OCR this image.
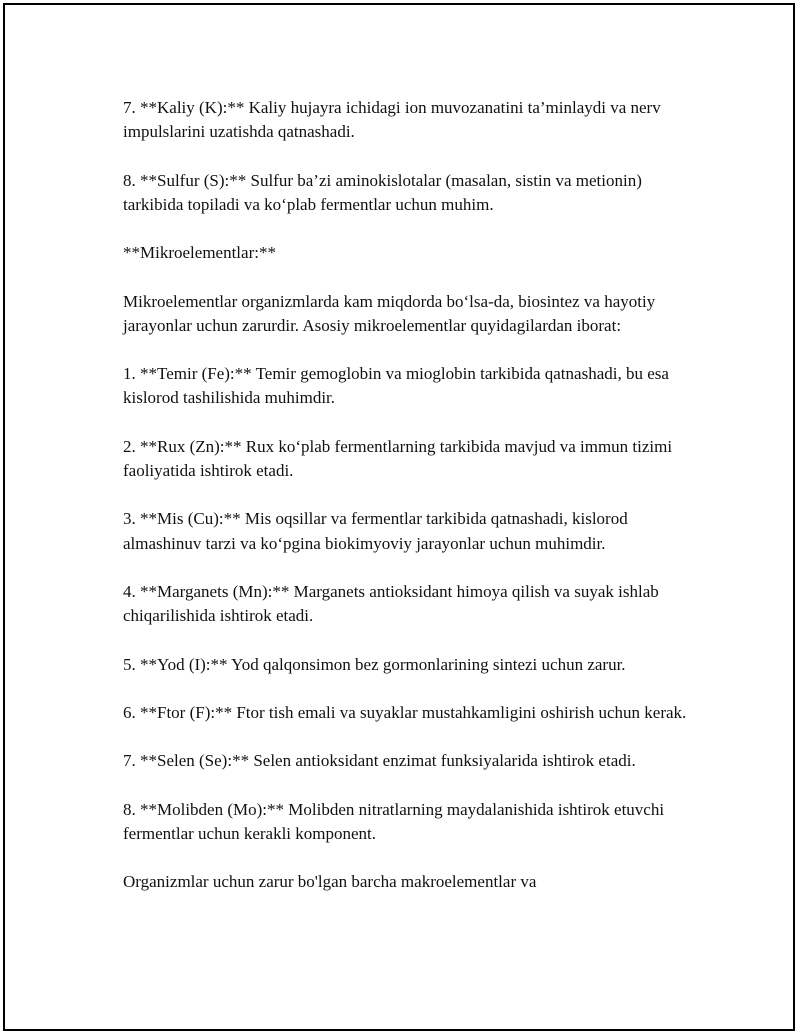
7. **Kaliy (K):** Kaliy hujayra ichidagi ion muvozanatini ta’minlaydi va nerv impulslarini uzatishda qatnashadi.

8. **Sulfur (S):** Sulfur ba’zi aminokislotalar (masalan, sistin va metionin) tarkibida topiladi va ko‘plab fermentlar uchun muhim.

**Mikroelementlar:**

Mikroelementlar organizmlarda kam miqdorda bo‘lsa-da, biosintez va hayotiy jarayonlar uchun zarurdir. Asosiy mikroelementlar quyidagilardan iborat:

1. **Temir (Fe):** Temir gemoglobin va mioglobin tarkibida qatnashadi, bu esa kislorod tashilishida muhimdir.

2. **Rux (Zn):** Rux ko‘plab fermentlarning tarkibida mavjud va immun tizimi faoliyatida ishtirok etadi.

3. **Mis (Cu):** Mis oqsillar va fermentlar tarkibida qatnashadi, kislorod almashinuv tarzi va ko‘pgina biokimyoviy jarayonlar uchun muhimdir.

4. **Marganets (Mn):** Marganets antioksidant himoya qilish va suyak ishlab chiqarilishida ishtirok etadi.

5. **Yod (I):** Yod qalqonsimon bez gormonlarining sintezi uchun zarur.

6. **Ftor (F):** Ftor tish emali va suyaklar mustahkamligini oshirish uchun kerak.

7. **Selen (Se):** Selen antioksidant enzimat funksiyalarida ishtirok etadi.

8. **Molibden (Mo):** Molibden nitratlarning maydalanishida ishtirok etuvchi fermentlar uchun kerakli komponent.

Organizmlar uchun zarur bo'lgan barcha makroelementlar va
